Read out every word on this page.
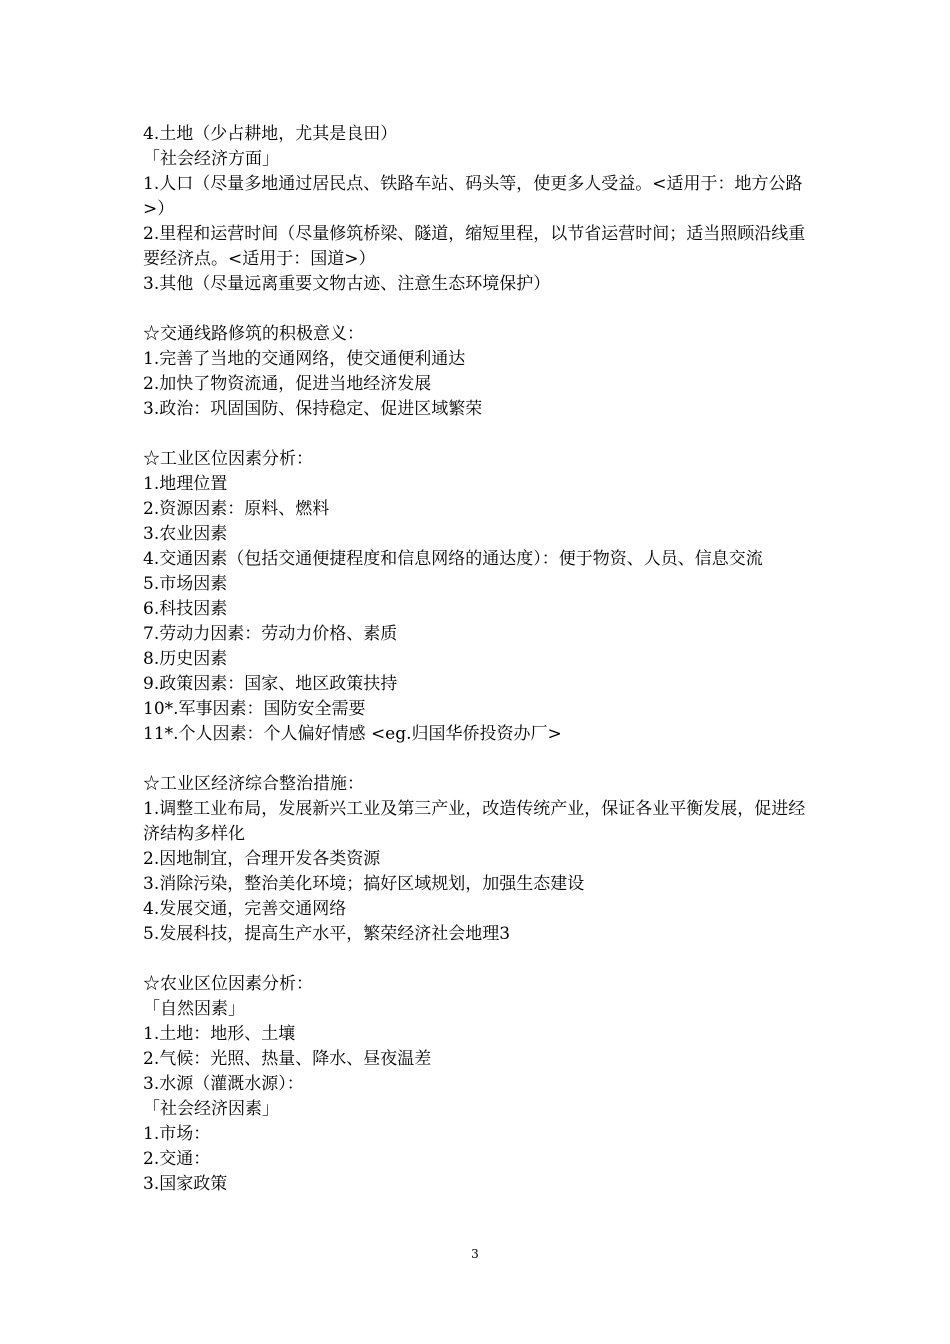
4.土地（少占耕地，尤其是良田）
「社会经济方面」
1.人口（尽量多地通过居民点、铁路车站、码头等，使更多人受益。<适用于：地方公路>）
2.里程和运营时间（尽量修筑桥梁、隧道，缩短里程，以节省运营时间；适当照顾沿线重要经济点。<适用于：国道>）
3.其他（尽量远离重要文物古迹、注意生态环境保护）
☆交通线路修筑的积极意义：
1.完善了当地的交通网络，使交通便利通达
2.加快了物资流通，促进当地经济发展
3.政治：巩固国防、保持稳定、促进区域繁荣
☆工业区位因素分析：
1.地理位置
2.资源因素：原料、燃料
3.农业因素
4.交通因素（包括交通便捷程度和信息网络的通达度）：便于物资、人员、信息交流
5.市场因素
6.科技因素
7.劳动力因素：劳动力价格、素质
8.历史因素
9.政策因素：国家、地区政策扶持
10*.军事因素：国防安全需要
11*.个人因素：个人偏好情感 <eg.归国华侨投资办厂>
☆工业区经济综合整治措施：
1.调整工业布局，发展新兴工业及第三产业，改造传统产业，保证各业平衡发展，促进经济结构多样化
2.因地制宜，合理开发各类资源
3.消除污染，整治美化环境；搞好区域规划，加强生态建设
4.发展交通，完善交通网络
5.发展科技，提高生产水平，繁荣经济社会地理3
☆农业区位因素分析：
「自然因素」
1.土地：地形、土壤
2.气候：光照、热量、降水、昼夜温差
3.水源（灌溉水源）：
「社会经济因素」
1.市场：
2.交通：
3.国家政策
3
